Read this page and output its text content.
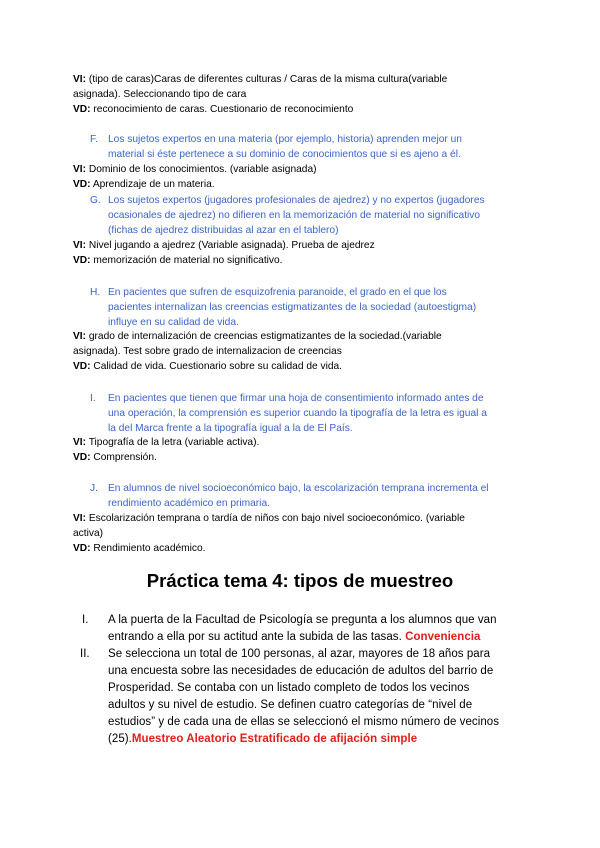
VI: (tipo de caras)Caras de diferentes culturas / Caras de la misma cultura(variable
asignada). Seleccionando tipo de cara
VD: reconocimiento de caras. Cuestionario de reconocimiento
F. Los sujetos expertos en una materia (por ejemplo, historia) aprenden mejor un
material si éste pertenece a su dominio de conocimientos que si es ajeno a él.
VI: Dominio de los conocimientos. (variable asignada)
VD: Aprendizaje de un materia.
G. Los sujetos expertos (jugadores profesionales de ajedrez) y no expertos (jugadores
ocasionales de ajedrez) no difieren en la memorización de material no significativo
(fichas de ajedrez distribuidas al azar en el tablero)
VI: Nivel jugando a ajedrez (Variable asignada). Prueba de ajedrez
VD: memorización de material no significativo.
H. En pacientes que sufren de esquizofrenia paranoide, el grado en el que los
pacientes internalizan las creencias estigmatizantes de la sociedad (autoestigma)
influye en su calidad de vida.
VI: grado de internalización de creencias estigmatizantes de la sociedad.(variable
asignada). Test sobre grado de internalizacion de creencias
VD: Calidad de vida. Cuestionario sobre su calidad de vida.
I. En pacientes que tienen que firmar una hoja de consentimiento informado antes de
una operación, la comprensión es superior cuando la tipografía de la letra es igual a
la del Marca frente a la tipografía igual a la de El País.
VI: Tipografía de la letra (variable activa).
VD: Comprensión.
J. En alumnos de nivel socioeconómico bajo, la escolarización temprana incrementa el
rendimiento académico en primaria.
VI: Escolarización temprana o tardía de niños con bajo nivel socioeconómico. (variable
activa)
VD: Rendimiento académico.
Práctica tema 4: tipos de muestreo
I. A la puerta de la Facultad de Psicología se pregunta a los alumnos que van
entrando a ella por su actitud ante la subida de las tasas. Conveniencia
II. Se selecciona un total de 100 personas, al azar, mayores de 18 años para
una encuesta sobre las necesidades de educación de adultos del barrio de
Prosperidad. Se contaba con un listado completo de todos los vecinos
adultos y su nivel de estudio. Se definen cuatro categorías de “nivel de
estudios” y de cada una de ellas se seleccionó el mismo número de vecinos
(25).Muestreo Aleatorio Estratificado de afijación simple
